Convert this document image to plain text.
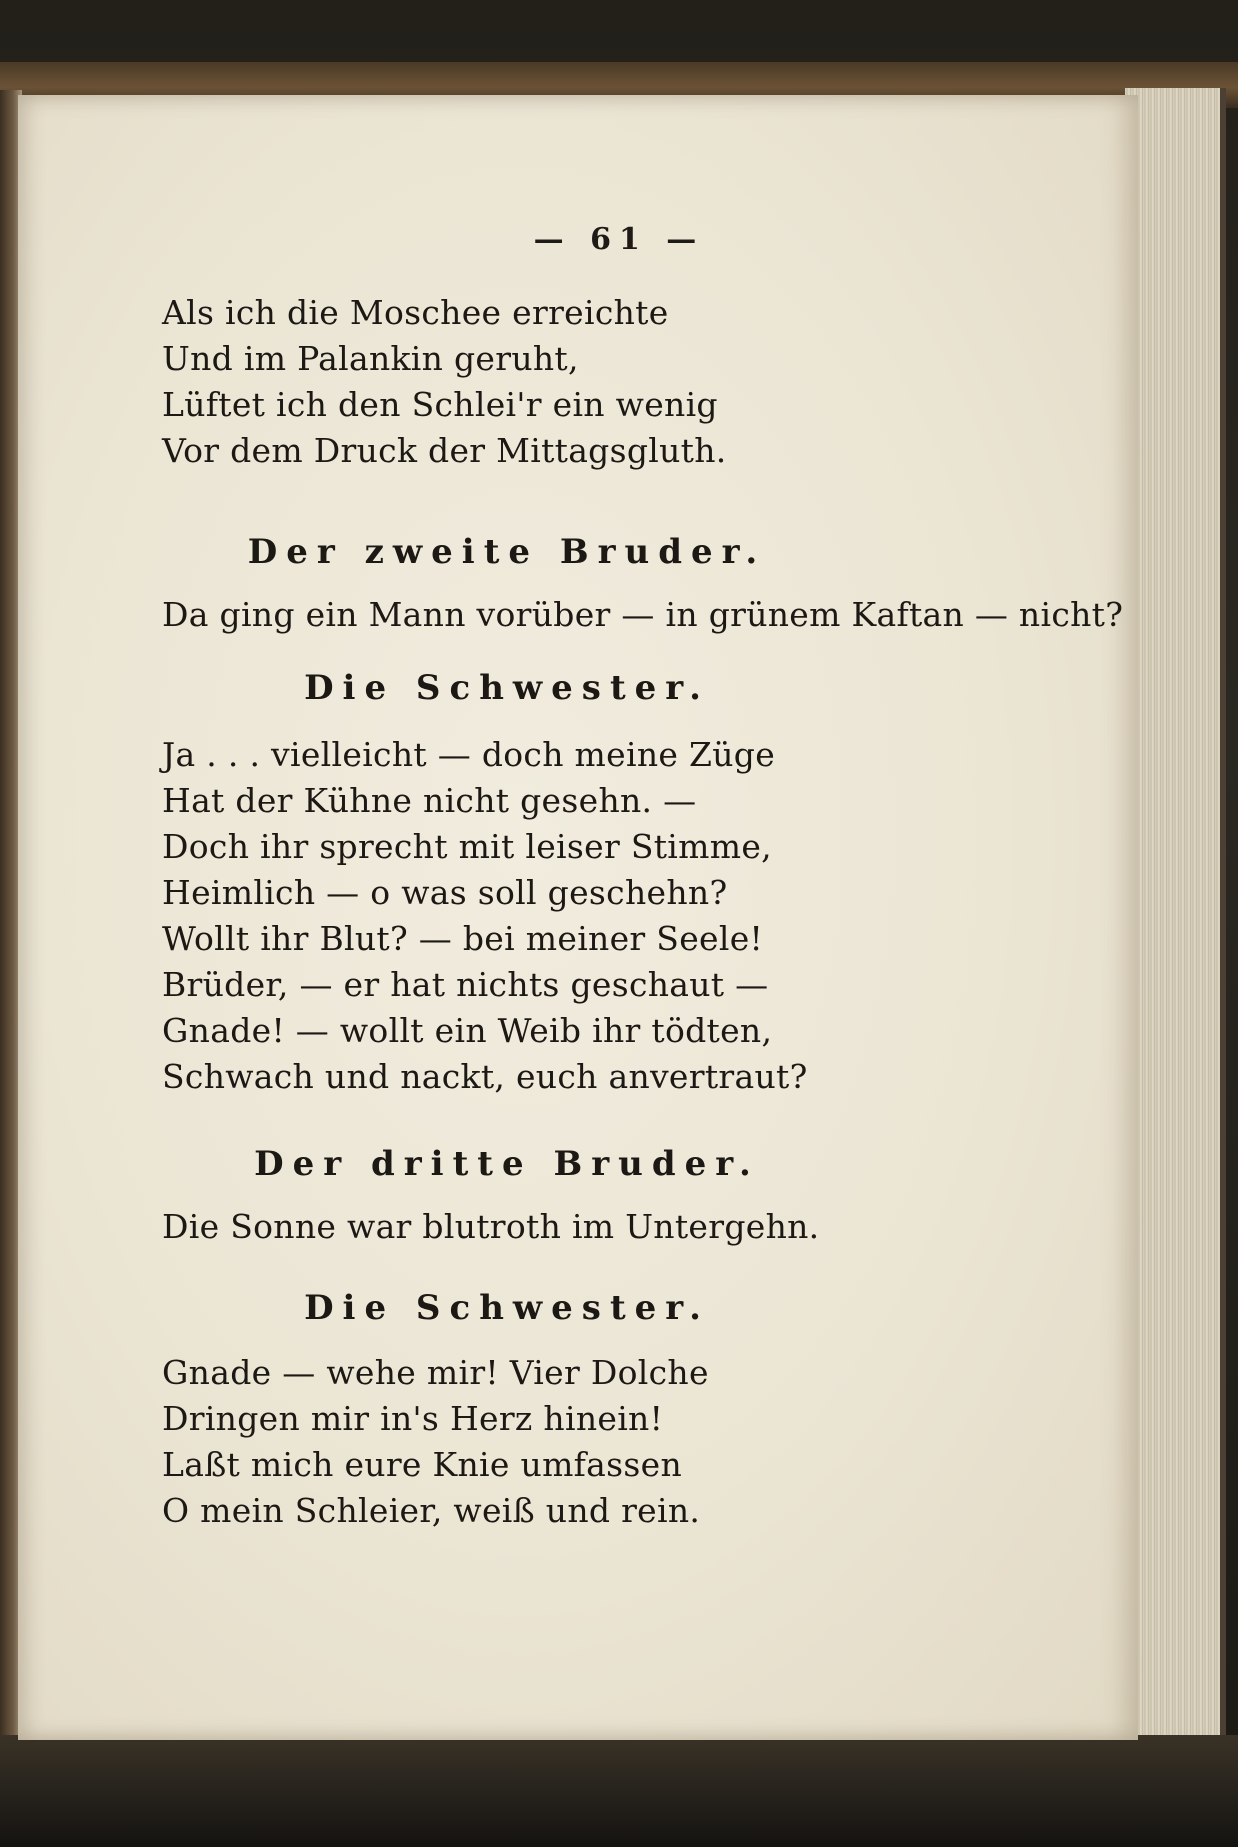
— 61 —
Als ich die Moschee erreichte
Und im Palankin geruht,
Lüftet ich den Schlei'r ein wenig
Vor dem Druck der Mittagsgluth.
Der zweite Bruder.
Da ging ein Mann vorüber — in grünem Kaftan — nicht?
Die Schwester.
Ja . . . vielleicht — doch meine Züge
Hat der Kühne nicht gesehn. —
Doch ihr sprecht mit leiser Stimme,
Heimlich — o was soll geschehn?
Wollt ihr Blut? — bei meiner Seele!
Brüder, — er hat nichts geschaut —
Gnade! — wollt ein Weib ihr tödten,
Schwach und nackt, euch anvertraut?
Der dritte Bruder.
Die Sonne war blutroth im Untergehn.
Die Schwester.
Gnade — wehe mir! Vier Dolche
Dringen mir in's Herz hinein!
Laßt mich eure Knie umfassen
O mein Schleier, weiß und rein.
